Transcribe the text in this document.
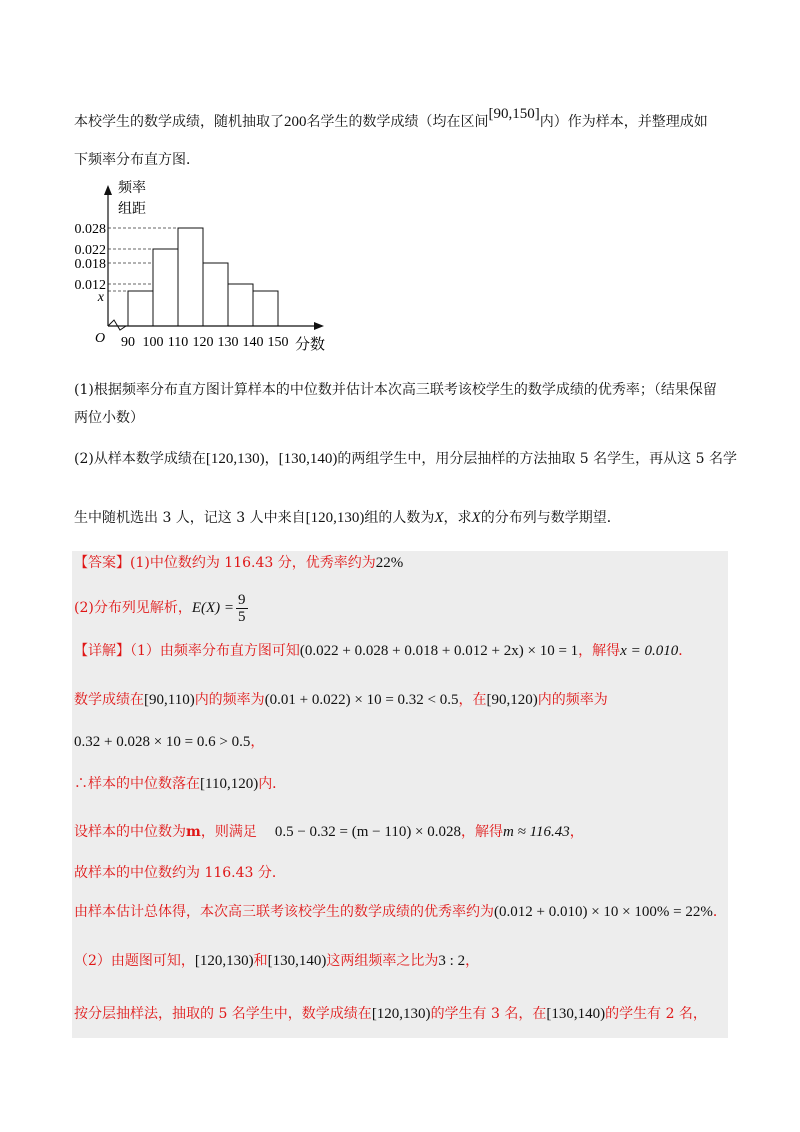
本校学生的数学成绩，随机抽取了200名学生的数学成绩（均在区间[90,150]内）作为样本，并整理成如
下频率分布直方图．
0.028
0.022
0.018
0.012
x
90 100 110 120 130 140 150
O
频率
组距
分数
(1)根据频率分布直方图计算样本的中位数并估计本次高三联考该校学生的数学成绩的优秀率；（结果保留
两位小数）
(2)从样本数学成绩在[120,130)，[130,140)的两组学生中，用分层抽样的方法抽取 5 名学生，再从这 5 名学
生中随机选出 3 人，记这 3 人中来自[120,130)组的人数为X，求X的分布列与数学期望．
【答案】(1)中位数约为 116.43 分，优秀率约为22%
(2)分布列见解析，$E(X) = \frac{9}{5}$
【详解】（1）由频率分布直方图可知(0.022 + 0.028 + 0.018 + 0.012 + 2x) × 10 = 1，解得x = 0.010．
数学成绩在[90,110)内的频率为(0.01 + 0.022) × 10 = 0.32 < 0.5，在[90,120)内的频率为
0.32 + 0.028 × 10 = 0.6 > 0.5，
∴样本的中位数落在[110,120)内．
设样本的中位数为m，则满足 0.5 − 0.32 = (m − 110) × 0.028，解得m ≈ 116.43，
故样本的中位数约为 116.43 分．
由样本估计总体得，本次高三联考该校学生的数学成绩的优秀率约为(0.012 + 0.010) × 10 × 100% = 22%．
（2）由题图可知，[120,130)和[130,140)这两组频率之比为3 : 2，
按分层抽样法，抽取的 5 名学生中，数学成绩在[120,130)的学生有 3 名，在[130,140)的学生有 2 名，
